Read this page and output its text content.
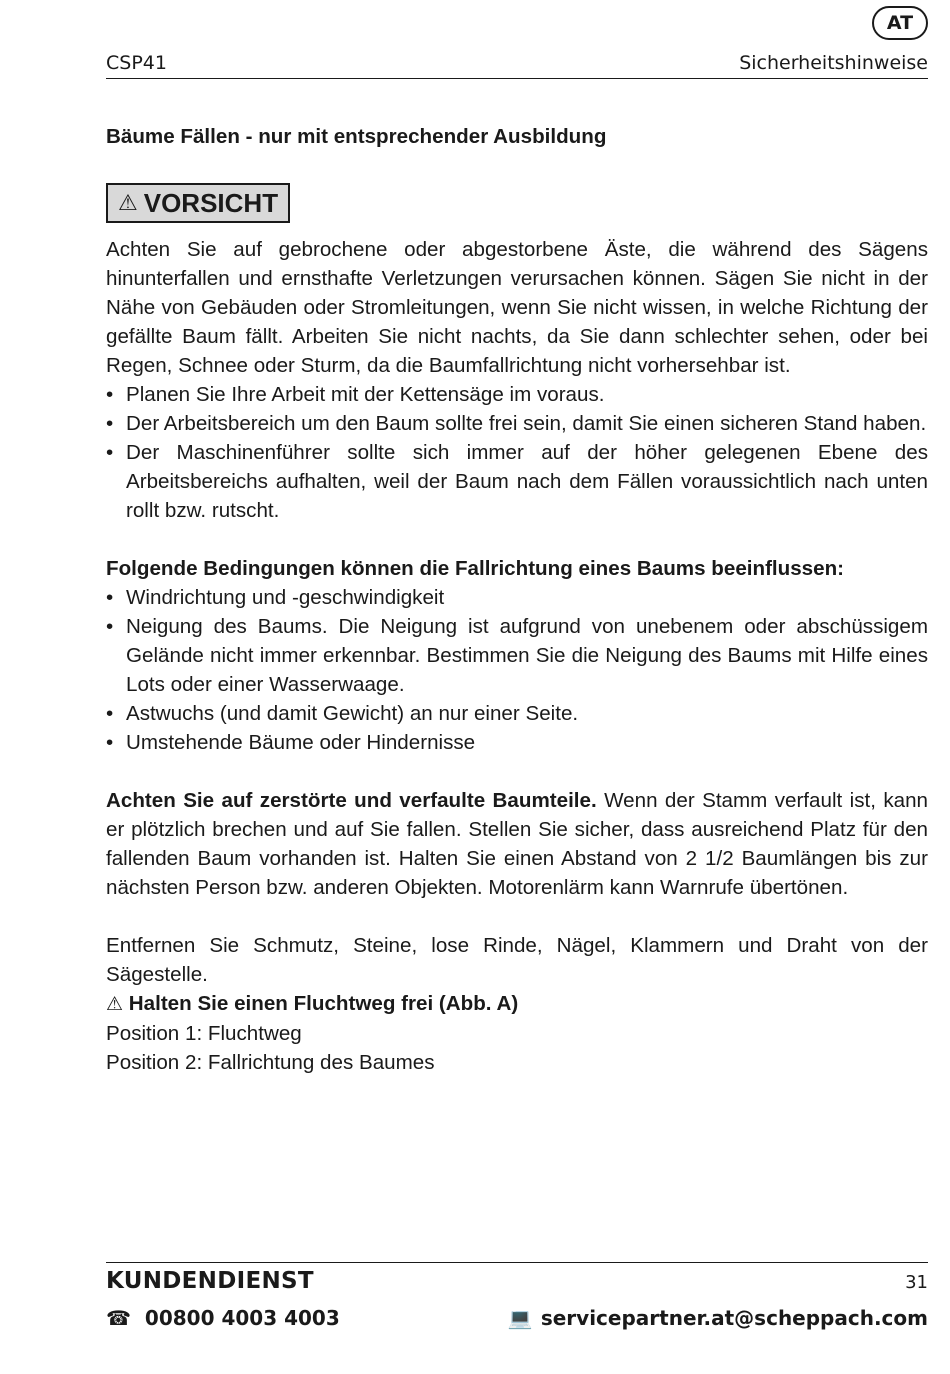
AT
CSP41	Sicherheitshinweise

Bäume Fällen - nur mit entsprechender Ausbildung

⚠ VORSICHT

Achten Sie auf gebrochene oder abgestorbene Äste, die während des Sägens hinunterfallen und ernsthafte Verletzungen verursachen können. Sägen Sie nicht in der Nähe von Gebäuden oder Stromleitungen, wenn Sie nicht wissen, in welche Richtung der gefällte Baum fällt. Arbeiten Sie nicht nachts, da Sie dann schlechter sehen, oder bei Regen, Schnee oder Sturm, da die Baumfallrichtung nicht vorhersehbar ist.

• Planen Sie Ihre Arbeit mit der Kettensäge im voraus.
• Der Arbeitsbereich um den Baum sollte frei sein, damit Sie einen sicheren Stand haben.
• Der Maschinenführer sollte sich immer auf der höher gelegenen Ebene des Arbeitsbereichs aufhalten, weil der Baum nach dem Fällen voraussichtlich nach unten rollt bzw. rutscht.

Folgende Bedingungen können die Fallrichtung eines Baums beeinflussen:

• Windrichtung und -geschwindigkeit
• Neigung des Baums. Die Neigung ist aufgrund von unebenem oder abschüssigem Gelände nicht immer erkennbar. Bestimmen Sie die Neigung des Baums mit Hilfe eines Lots oder einer Wasserwaage.
• Astwuchs (und damit Gewicht) an nur einer Seite.
• Umstehende Bäume oder Hindernisse

Achten Sie auf zerstörte und verfaulte Baumteile. Wenn der Stamm verfault ist, kann er plötzlich brechen und auf Sie fallen. Stellen Sie sicher, dass ausreichend Platz für den fallenden Baum vorhanden ist. Halten Sie einen Abstand von 2 1/2 Baumlängen bis zur nächsten Person bzw. anderen Objekten. Motorenlärm kann Warnrufe übertönen.

Entfernen Sie Schmutz, Steine, lose Rinde, Nägel, Klammern und Draht von der Sägestelle.

⚠ Halten Sie einen Fluchtweg frei (Abb. A)

Position 1: Fluchtweg

Position 2: Fallrichtung des Baumes

KUNDENDIENST	31
☎ 00800 4003 4003	💻 servicepartner.at@scheppach.com
